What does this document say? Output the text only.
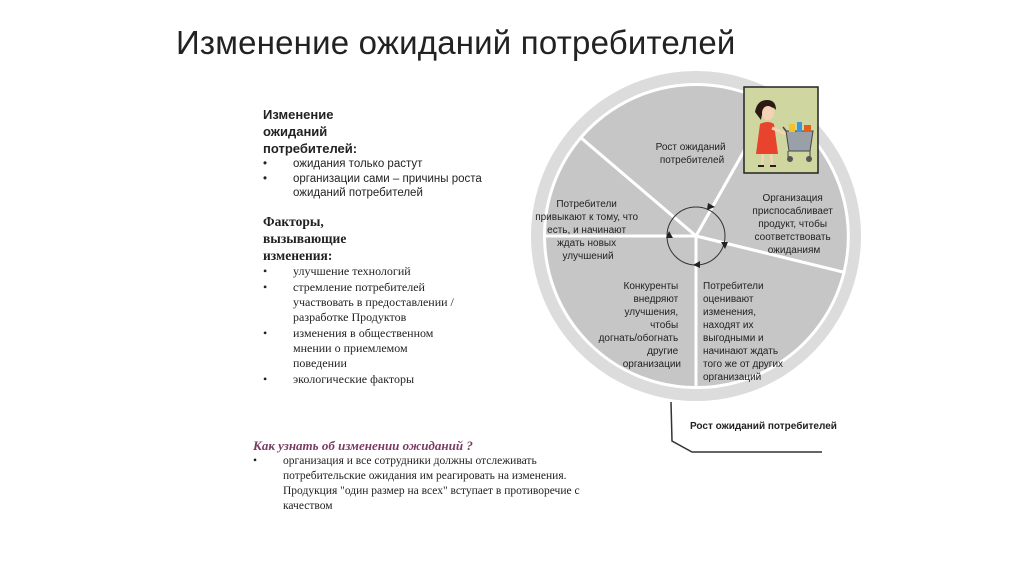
Изменение ожиданий потребителей
Изменение
ожиданий
потребителей:
• ожидания только растут
• организации сами – причины роста ожиданий потребителей
Факторы,
вызывающие
изменения:
• улучшение технологий
• стремление потребителей участвовать в предоставлении /разработке Продуктов
• изменения в общественном мнении о приемлемом поведении
• экологические факторы
Как узнать об изменении ожиданий ?
• организация и все сотрудники должны отслеживать потребительские ожидания им реагировать на изменения. Продукция "один размер на всех" вступает в противоречие с качеством
Рост ожиданий потребителей
Организация приспосабливает продукт, чтобы соответствовать ожиданиям
Потребители привыкают к тому, что есть, и начинают ждать новых улучшений
Конкуренты внедряют улучшения, чтобы догнать/обогнать другие организации
Потребители оценивают изменения, находят их выгодными и начинают ждать того же от других организаций
Рост ожиданий потребителей
